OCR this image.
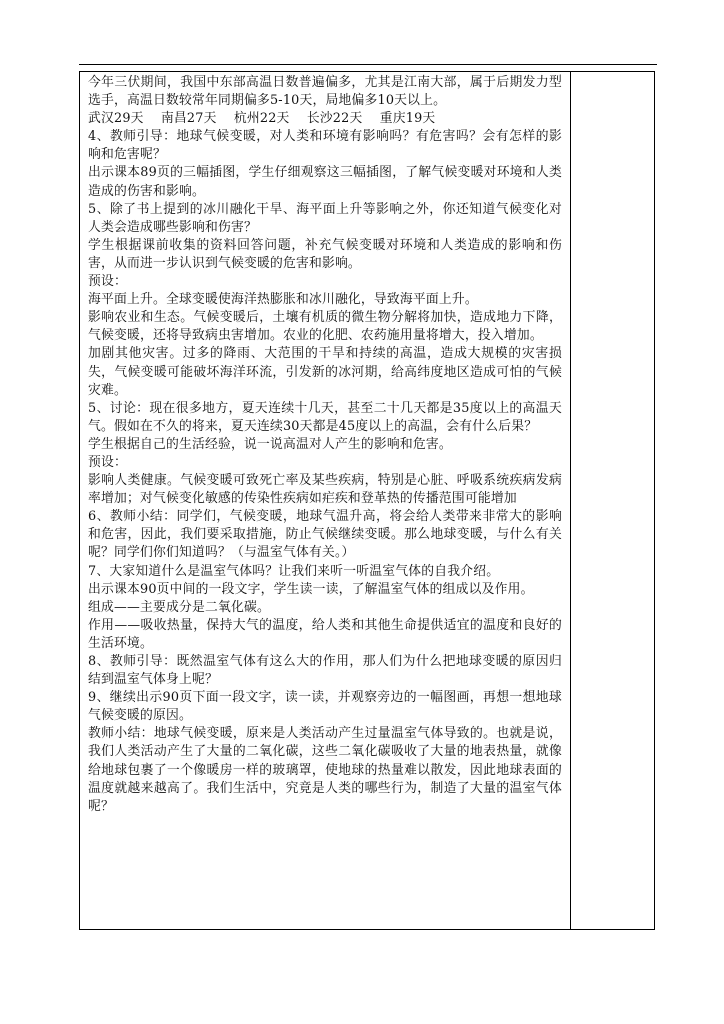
今年三伏期间，我国中东部高温日数普遍偏多，尤其是江南大部，属于后期发力型选手，高温日数较常年同期偏多5-10天，局地偏多10天以上。

武汉29天　 南昌27天　 杭州22天　 长沙22天　 重庆19天

4、教师引导：地球气候变暖，对人类和环境有影响吗？有危害吗？会有怎样的影响和危害呢？

出示课本89页的三幅插图，学生仔细观察这三幅插图，了解气候变暖对环境和人类造成的伤害和影响。

5、除了书上提到的冰川融化干旱、海平面上升等影响之外，你还知道气候变化对人类会造成哪些影响和伤害？

学生根据课前收集的资料回答问题，补充气候变暖对环境和人类造成的影响和伤害，从而进一步认识到气候变暖的危害和影响。

预设：

海平面上升。全球变暖使海洋热膨胀和冰川融化，导致海平面上升。

影响农业和生态。气候变暖后，土壤有机质的微生物分解将加快，造成地力下降，气候变暖，还将导致病虫害增加。农业的化肥、农药施用量将增大，投入增加。

加剧其他灾害。过多的降雨、大范围的干旱和持续的高温，造成大规模的灾害损失，气候变暖可能破坏海洋环流，引发新的冰河期，给高纬度地区造成可怕的气候灾难。

5、讨论：现在很多地方，夏天连续十几天，甚至二十几天都是35度以上的高温天气。假如在不久的将来，夏天连续30天都是45度以上的高温，会有什么后果？

学生根据自己的生活经验，说一说高温对人产生的影响和危害。

预设：

影响人类健康。气候变暖可致死亡率及某些疾病，特别是心脏、呼吸系统疾病发病率增加；对气候变化敏感的传染性疾病如疟疾和登革热的传播范围可能增加

6、教师小结：同学们，气候变暖，地球气温升高，将会给人类带来非常大的影响和危害，因此，我们要采取措施，防止气候继续变暖。那么地球变暖，与什么有关呢？同学们你们知道吗？（与温室气体有关。）

7、大家知道什么是温室气体吗？让我们来听一听温室气体的自我介绍。

出示课本90页中间的一段文字，学生读一读，了解温室气体的组成以及作用。

组成——主要成分是二氧化碳。

作用——吸收热量，保持大气的温度，给人类和其他生命提供适宜的温度和良好的生活环境。

8、教师引导：既然温室气体有这么大的作用，那人们为什么把地球变暖的原因归结到温室气体身上呢？

9、继续出示90页下面一段文字，读一读，并观察旁边的一幅图画，再想一想地球气候变暖的原因。

教师小结：地球气候变暖，原来是人类活动产生过量温室气体导致的。也就是说，我们人类活动产生了大量的二氧化碳，这些二氧化碳吸收了大量的地表热量，就像给地球包裹了一个像暖房一样的玻璃罩，使地球的热量难以散发，因此地球表面的温度就越来越高了。我们生活中，究竟是人类的哪些行为，制造了大量的温室气体呢？
